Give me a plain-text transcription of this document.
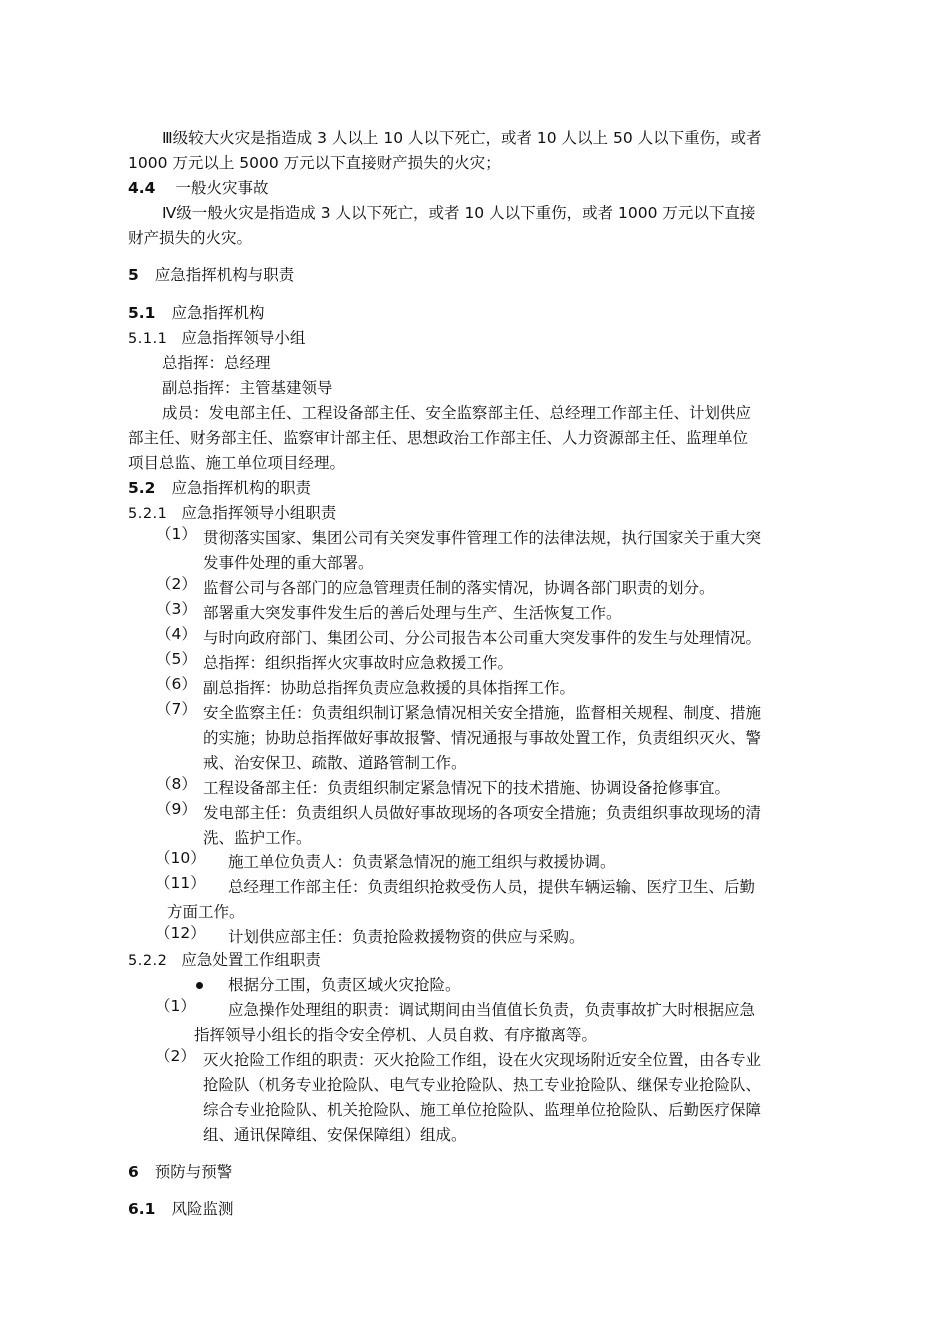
Ⅲ级较大火灾是指造成 3 人以上 10 人以下死亡，或者 10 人以上 50 人以下重伤，或者
1000 万元以上 5000 万元以下直接财产损失的火灾；
4.4 一般火灾事故
Ⅳ级一般火灾是指造成 3 人以下死亡，或者 10 人以下重伤，或者 1000 万元以下直接
财产损失的火灾。
5 应急指挥机构与职责
5.1 应急指挥机构
5.1.1 应急指挥领导小组
总指挥：总经理
副总指挥：主管基建领导
成员：发电部主任、工程设备部主任、安全监察部主任、总经理工作部主任、计划供应
部主任、财务部主任、监察审计部主任、思想政治工作部主任、人力资源部主任、监理单位
项目总监、施工单位项目经理。
5.2 应急指挥机构的职责
5.2.1 应急指挥领导小组职责
（1） 贯彻落实国家、集团公司有关突发事件管理工作的法律法规，执行国家关于重大突
发事件处理的重大部署。
（2） 监督公司与各部门的应急管理责任制的落实情况，协调各部门职责的划分。
（3） 部署重大突发事件发生后的善后处理与生产、生活恢复工作。
（4） 与时向政府部门、集团公司、分公司报告本公司重大突发事件的发生与处理情况。
（5） 总指挥：组织指挥火灾事故时应急救援工作。
（6） 副总指挥：协助总指挥负责应急救援的具体指挥工作。
（7） 安全监察主任：负责组织制订紧急情况相关安全措施，监督相关规程、制度、措施
的实施；协助总指挥做好事故报警、情况通报与事故处置工作，负责组织灭火、警
戒、治安保卫、疏散、道路管制工作。
（8） 工程设备部主任：负责组织制定紧急情况下的技术措施、协调设备抢修事宜。
（9） 发电部主任：负责组织人员做好事故现场的各项安全措施；负责组织事故现场的清
洗、监护工作。
（10） 施工单位负责人：负责紧急情况的施工组织与救援协调。
（11） 总经理工作部主任：负责组织抢救受伤人员，提供车辆运输、医疗卫生、后勤
方面工作。
（12） 计划供应部主任：负责抢险救援物资的供应与采购。
5.2.2 应急处置工作组职责
根据分工围，负责区域火灾抢险。
（1） 应急操作处理组的职责：调试期间由当值值长负责，负责事故扩大时根据应急
指挥领导小组长的指令安全停机、人员自救、有序撤离等。
（2） 灭火抢险工作组的职责：灭火抢险工作组，设在火灾现场附近安全位置，由各专业
抢险队（机务专业抢险队、电气专业抢险队、热工专业抢险队、继保专业抢险队、
综合专业抢险队、机关抢险队、施工单位抢险队、监理单位抢险队、后勤医疗保障
组、通讯保障组、安保保障组）组成。
6 预防与预警
6.1 风险监测
